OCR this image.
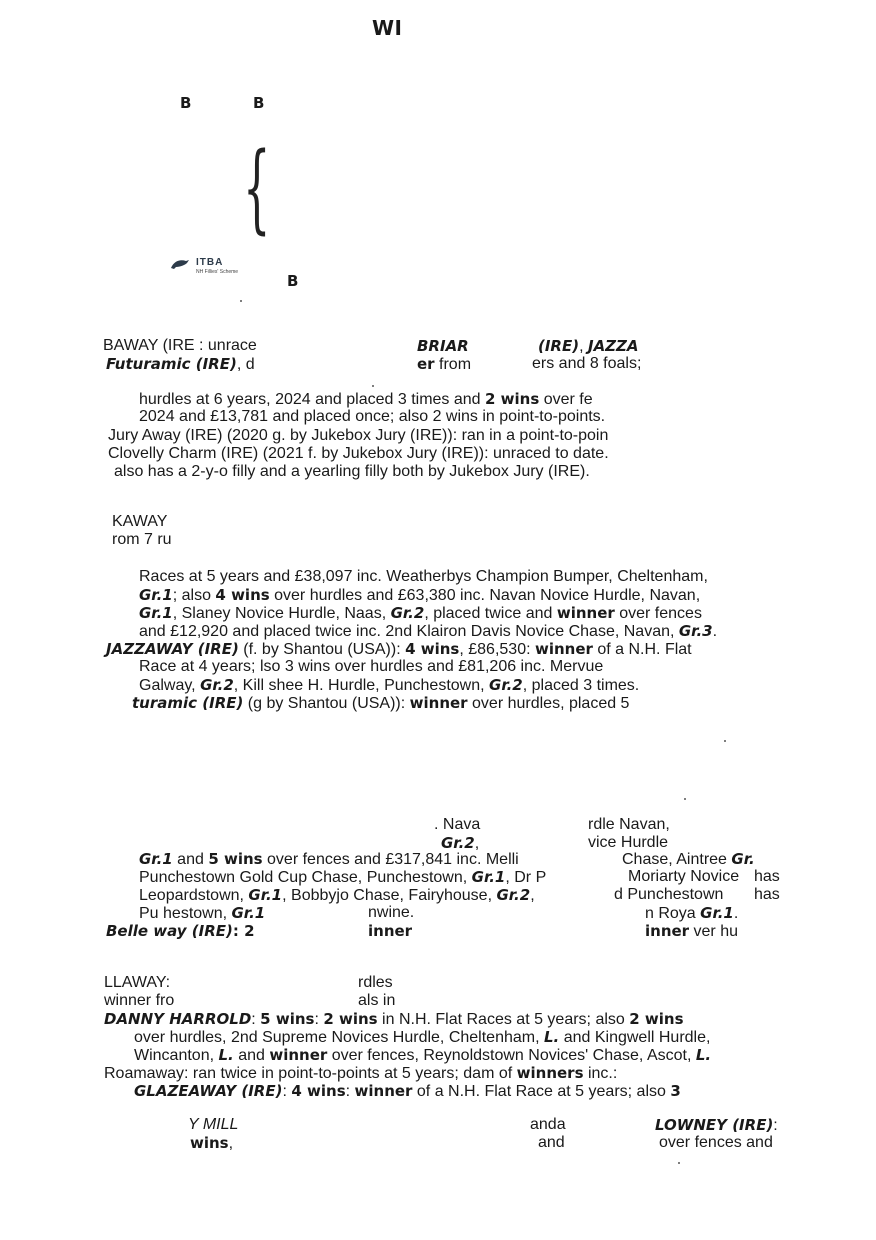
WI
B	B
{
ITBA
NH Fillies' Scheme	B
BAWAY (IRE : unrace	BRIAR	(IRE), JAZZA
Futuramic (IRE), d	er from	ers and 8 foals;
hurdles at 6 years, 2024 and placed 3 times and 2 wins over fe
2024 and £13,781 and placed once; also 2 wins in point-to-points.
Jury Away (IRE) (2020 g. by Jukebox Jury (IRE)): ran in a point-to-poin
Clovelly Charm (IRE) (2021 f. by Jukebox Jury (IRE)): unraced to date.
also has a 2-y-o filly and a yearling filly both by Jukebox Jury (IRE).
KAWAY
rom 7 ru
Races at 5 years and £38,097 inc. Weatherbys Champion Bumper, Cheltenham,
Gr.1; also 4 wins over hurdles and £63,380 inc. Navan Novice Hurdle, Navan,
Gr.1, Slaney Novice Hurdle, Naas, Gr.2, placed twice and winner over fences
and £12,920 and placed twice inc. 2nd Klairon Davis Novice Chase, Navan, Gr.3.
JAZZAWAY (IRE) (f. by Shantou (USA)): 4 wins, £86,530: winner of a N.H. Flat
Race at 4 years; lso 3 wins over hurdles and £81,206 inc. Mervue
Galway, Gr.2, Kill shee H. Hurdle, Punchestown, Gr.2, placed 3 times.
turamic (IRE) (g by Shantou (USA)): winner over hurdles, placed 5
. Nava	rdle Navan,
Gr.2,	vice Hurdle
Gr.1 and 5 wins over fences and £317,841 inc. Melli	Chase, Aintree Gr.
Punchestown Gold Cup Chase, Punchestown, Gr.1, Dr P	Moriarty Novice has
Leopardstown, Gr.1, Bobbyjo Chase, Fairyhouse, Gr.2,	d Punchestown has
Pu hestown, Gr.1	nwine.	n Roya Gr.1.
Belle way (IRE): 2	inner	inner ver hu
LLAWAY:	rdles
winner fro	als in
DANNY HARROLD: 5 wins: 2 wins in N.H. Flat Races at 5 years; also 2 wins
over hurdles, 2nd Supreme Novices Hurdle, Cheltenham, L. and Kingwell Hurdle,
Wincanton, L. and winner over fences, Reynoldstown Novices' Chase, Ascot, L.
Roamaway: ran twice in point-to-points at 5 years; dam of winners inc.:
GLAZEAWAY (IRE): 4 wins: winner of a N.H. Flat Race at 5 years; also 3
Y MILL	anda	LOWNEY (IRE):
wins,	and	over fences and
